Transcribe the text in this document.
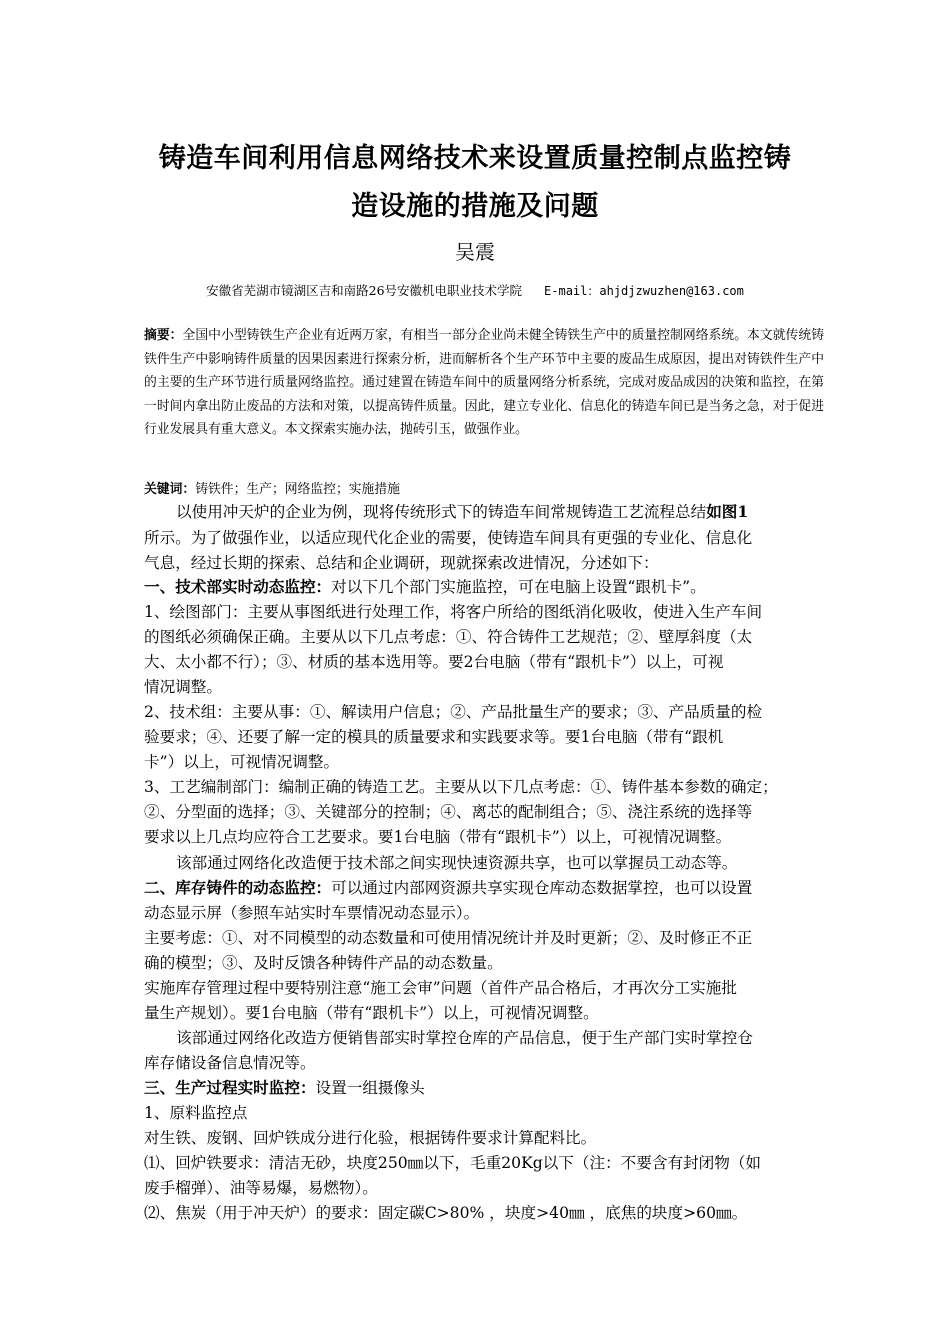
铸造车间利用信息网络技术来设置质量控制点监控铸
造设施的措施及问题
吴震
安徽省芜湖市镜湖区吉和南路26号安徽机电职业技术学院 E-mail：ahjdjzwuzhen@163.com
摘要：全国中小型铸铁生产企业有近两万家，有相当一部分企业尚未健全铸铁生产中的质量控制网络系统。本文就传统铸铁件生产中影响铸件质量的因果因素进行探索分析，进而解析各个生产环节中主要的废品生成原因，提出对铸铁件生产中的主要的生产环节进行质量网络监控。通过建置在铸造车间中的质量网络分析系统，完成对废品成因的决策和监控，在第一时间内拿出防止废品的方法和对策，以提高铸件质量。因此，建立专业化、信息化的铸造车间已是当务之急，对于促进行业发展具有重大意义。本文探索实施办法，抛砖引玉，做强作业。
关键词：铸铁件；生产；网络监控；实施措施
以使用冲天炉的企业为例，现将传统形式下的铸造车间常规铸造工艺流程总结如图1
所示。为了做强作业，以适应现代化企业的需要，使铸造车间具有更强的专业化、信息化
气息，经过长期的探索、总结和企业调研，现就探索改进情况，分述如下：
一、技术部实时动态监控：对以下几个部门实施监控，可在电脑上设置“跟机卡”。
1、绘图部门：主要从事图纸进行处理工作，将客户所给的图纸消化吸收，使进入生产车间
的图纸必须确保正确。主要从以下几点考虑：①、符合铸件工艺规范；②、壁厚斜度（太
大、太小都不行）；③、材质的基本选用等。要2台电脑（带有“跟机卡”）以上，可视
情况调整。
2、技术组：主要从事：①、解读用户信息；②、产品批量生产的要求；③、产品质量的检
验要求；④、还要了解一定的模具的质量要求和实践要求等。要1台电脑（带有“跟机
卡”）以上，可视情况调整。
3、工艺编制部门：编制正确的铸造工艺。主要从以下几点考虑：①、铸件基本参数的确定；
②、分型面的选择；③、关键部分的控制；④、离芯的配制组合；⑤、浇注系统的选择等
要求以上几点均应符合工艺要求。要1台电脑（带有“跟机卡”）以上，可视情况调整。
该部通过网络化改造便于技术部之间实现快速资源共享，也可以掌握员工动态等。
二、库存铸件的动态监控：可以通过内部网资源共享实现仓库动态数据掌控，也可以设置
动态显示屏（参照车站实时车票情况动态显示）。
主要考虑：①、对不同模型的动态数量和可使用情况统计并及时更新；②、及时修正不正
确的模型；③、及时反馈各种铸件产品的动态数量。
实施库存管理过程中要特别注意“施工会审”问题（首件产品合格后，才再次分工实施批
量生产规划）。要1台电脑（带有“跟机卡”）以上，可视情况调整。
该部通过网络化改造方便销售部实时掌控仓库的产品信息，便于生产部门实时掌控仓
库存储设备信息情况等。
三、生产过程实时监控：设置一组摄像头
1、原料监控点
对生铁、废钢、回炉铁成分进行化验，根据铸件要求计算配料比。
⑴、回炉铁要求：清洁无砂，块度250㎜以下，毛重20Kg以下（注：不要含有封闭物（如
废手榴弹）、油等易爆，易燃物）。
⑵、焦炭（用于冲天炉）的要求：固定碳C>80% ，块度>40㎜ ，底焦的块度>60㎜。
